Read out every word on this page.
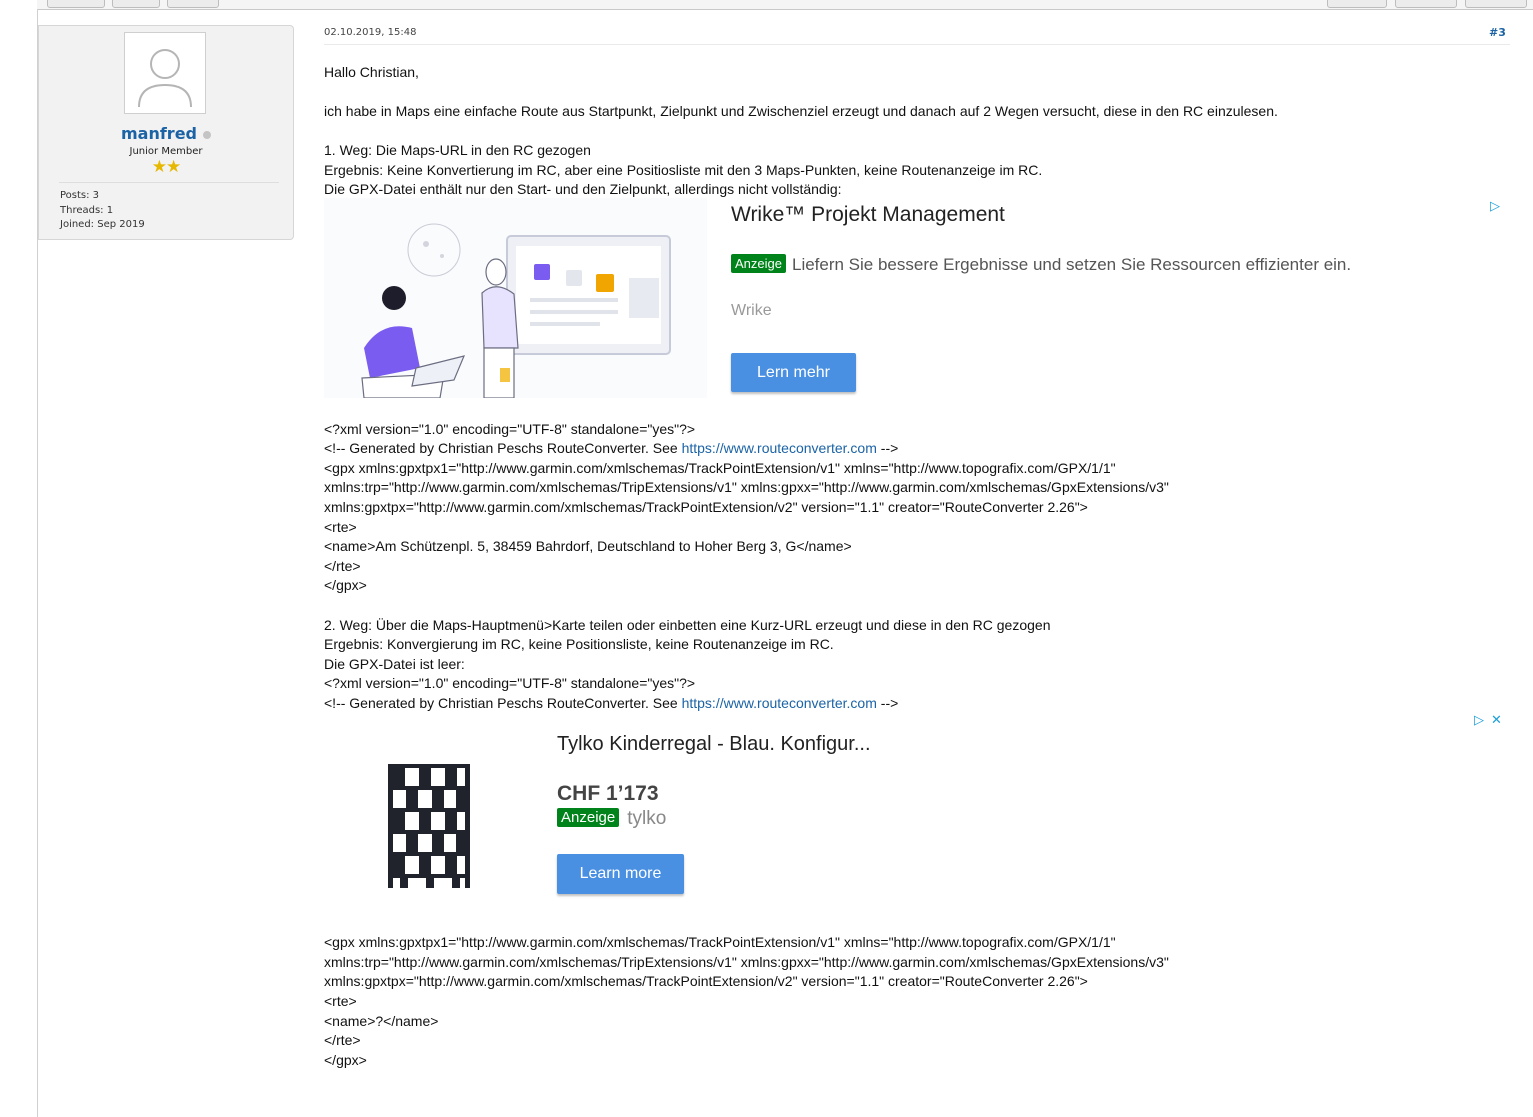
manfred
Junior Member
★★
Posts: 3
Threads: 1
Joined: Sep 2019
02.10.2019, 15:48	#3
Hallo Christian,
ich habe in Maps eine einfache Route aus Startpunkt, Zielpunkt und Zwischenziel erzeugt und danach auf 2 Wegen versucht, diese in den RC einzulesen.
1. Weg: Die Maps-URL in den RC gezogen
Ergebnis: Keine Konvertierung im RC, aber eine Positiosliste mit den 3 Maps-Punkten, keine Routenanzeige im RC.
Die GPX-Datei enthält nur den Start- und den Zielpunkt, allerdings nicht vollständig:
Wrike™ Projekt Management	▷
Anzeige Liefern Sie bessere Ergebnisse und setzen Sie Ressourcen effizienter ein.
Wrike
Lern mehr
<?xml version="1.0" encoding="UTF-8" standalone="yes"?>
<!-- Generated by Christian Peschs RouteConverter. See https://www.routeconverter.com -->
<gpx xmlns:gpxtpx1="http://www.garmin.com/xmlschemas/TrackPointExtension/v1" xmlns="http://www.topografix.com/GPX/1/1"
xmlns:trp="http://www.garmin.com/xmlschemas/TripExtensions/v1" xmlns:gpxx="http://www.garmin.com/xmlschemas/GpxExtensions/v3"
xmlns:gpxtpx="http://www.garmin.com/xmlschemas/TrackPointExtension/v2" version="1.1" creator="RouteConverter 2.26">
<rte>
<name>Am Schützenpl. 5, 38459 Bahrdorf, Deutschland to Hoher Berg 3, G</name>
</rte>
</gpx>
2. Weg: Über die Maps-Hauptmenü>Karte teilen oder einbetten eine Kurz-URL erzeugt und diese in den RC gezogen
Ergebnis: Konvergierung im RC, keine Positionsliste, keine Routenanzeige im RC.
Die GPX-Datei ist leer:
<?xml version="1.0" encoding="UTF-8" standalone="yes"?>
<!-- Generated by Christian Peschs RouteConverter. See https://www.routeconverter.com -->
▷ ✕
Tylko Kinderregal - Blau. Konfigur...
CHF 1’173
Anzeige tylko
Learn more
<gpx xmlns:gpxtpx1="http://www.garmin.com/xmlschemas/TrackPointExtension/v1" xmlns="http://www.topografix.com/GPX/1/1"
xmlns:trp="http://www.garmin.com/xmlschemas/TripExtensions/v1" xmlns:gpxx="http://www.garmin.com/xmlschemas/GpxExtensions/v3"
xmlns:gpxtpx="http://www.garmin.com/xmlschemas/TrackPointExtension/v2" version="1.1" creator="RouteConverter 2.26">
<rte>
<name>?</name>
</rte>
</gpx>
